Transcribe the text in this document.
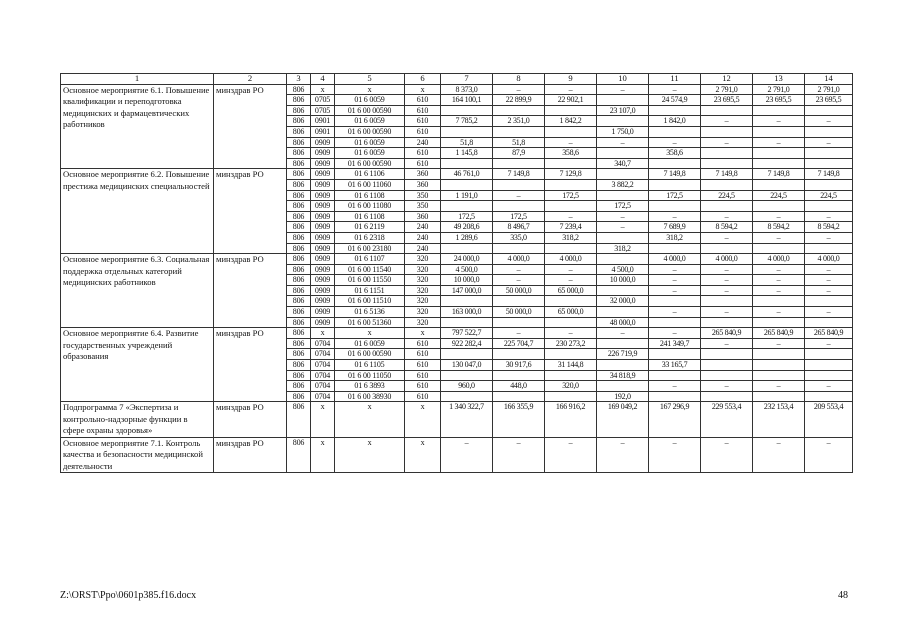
1	2	3	4	5	6	7	8	9	10	11	12	13	14
Основное мероприятие 6.1. Повышение квалификации и переподготовка медицинских и фармацевтических работников	минздрав РО	806	x	x	x	8 373,0	–	–	–	–	2 791,0	2 791,0	2 791,0
		806	0705	01 6 0059	610	164 100,1	22 899,9	22 902,1		24 574,9	23 695,5	23 695,5	23 695,5
		806	0705	01 6 00 00590	610				23 107,0				
		806	0901	01 6 0059	610	7 785,2	2 351,0	1 842,2		1 842,0	–	–	–
		806	0901	01 6 00 00590	610				1 750,0				
		806	0909	01 6 0059	240	51,8	51,8	–	–	–	–	–	–
		806	0909	01 6 0059	610	1 145,8	87,9	358,6		358,6			
		806	0909	01 6 00 00590	610				340,7				
Основное мероприятие 6.2. Повышение престижа медицинских специальностей	минздрав РО	806	0909	01 6 1106	360	46 761,0	7 149,8	7 129,8		7 149,8	7 149,8	7 149,8	7 149,8
		806	0909	01 6 00 11060	360				3 882,2				
		806	0909	01 6 1108	350	1 191,0	–	172,5		172,5	224,5	224,5	224,5
		806	0909	01 6 00 11080	350				172,5				
		806	0909	01 6 1108	360	172,5	172,5	–	–	–	–	–	–
		806	0909	01 6 2119	240	49 208,6	8 496,7	7 239,4	–	7 689,9	8 594,2	8 594,2	8 594,2
		806	0909	01 6 2318	240	1 289,6	335,0	318,2		318,2	–	–	–
		806	0909	01 6 00 23180	240				318,2				
Основное мероприятие 6.3. Социальная поддержка отдельных категорий медицинских работников	минздрав РО	806	0909	01 6 1107	320	24 000,0	4 000,0	4 000,0		4 000,0	4 000,0	4 000,0	4 000,0
		806	0909	01 6 00 11540	320	4 500,0	–	–	4 500,0	–	–	–	–
		806	0909	01 6 00 11550	320	10 000,0	–	–	10 000,0	–	–	–	–
		806	0909	01 6 1151	320	147 000,0	50 000,0	65 000,0		–	–	–	–
		806	0909	01 6 00 11510	320				32 000,0				
		806	0909	01 6 5136	320	163 000,0	50 000,0	65 000,0		–	–	–	–
		806	0909	01 6 00 51360	320				48 000,0				
Основное мероприятие 6.4. Развитие государственных учреждений образования	минздрав РО	806	x	x	x	797 522,7	–	–	–	–	265 840,9	265 840,9	265 840,9
		806	0704	01 6 0059	610	922 282,4	225 704,7	230 273,2		241 349,7	–	–	–
		806	0704	01 6 00 00590	610				226 719,9				
		806	0704	01 6 1105	610	130 047,0	30 917,6	31 144,8		33 165,7			
		806	0704	01 6 00 11050	610				34 818,9				
		806	0704	01 6 3893	610	960,0	448,0	320,0		–	–	–	–
		806	0704	01 6 00 38930	610				192,0				
Подпрограмма 7 «Экспертиза и контрольно-надзорные функции в сфере охраны здоровья»	минздрав РО	806	x	x	x	1 340 322,7	166 355,9	166 916,2	169 049,2	167 296,9	229 553,4	232 153,4	209 553,4
Основное мероприятие 7.1. Контроль качества и безопасности медицинской деятельности	минздрав РО	806	x	x	x	–	–	–	–	–	–	–	–
Z:\ORST\Ppo\0601p385.f16.docx	48
